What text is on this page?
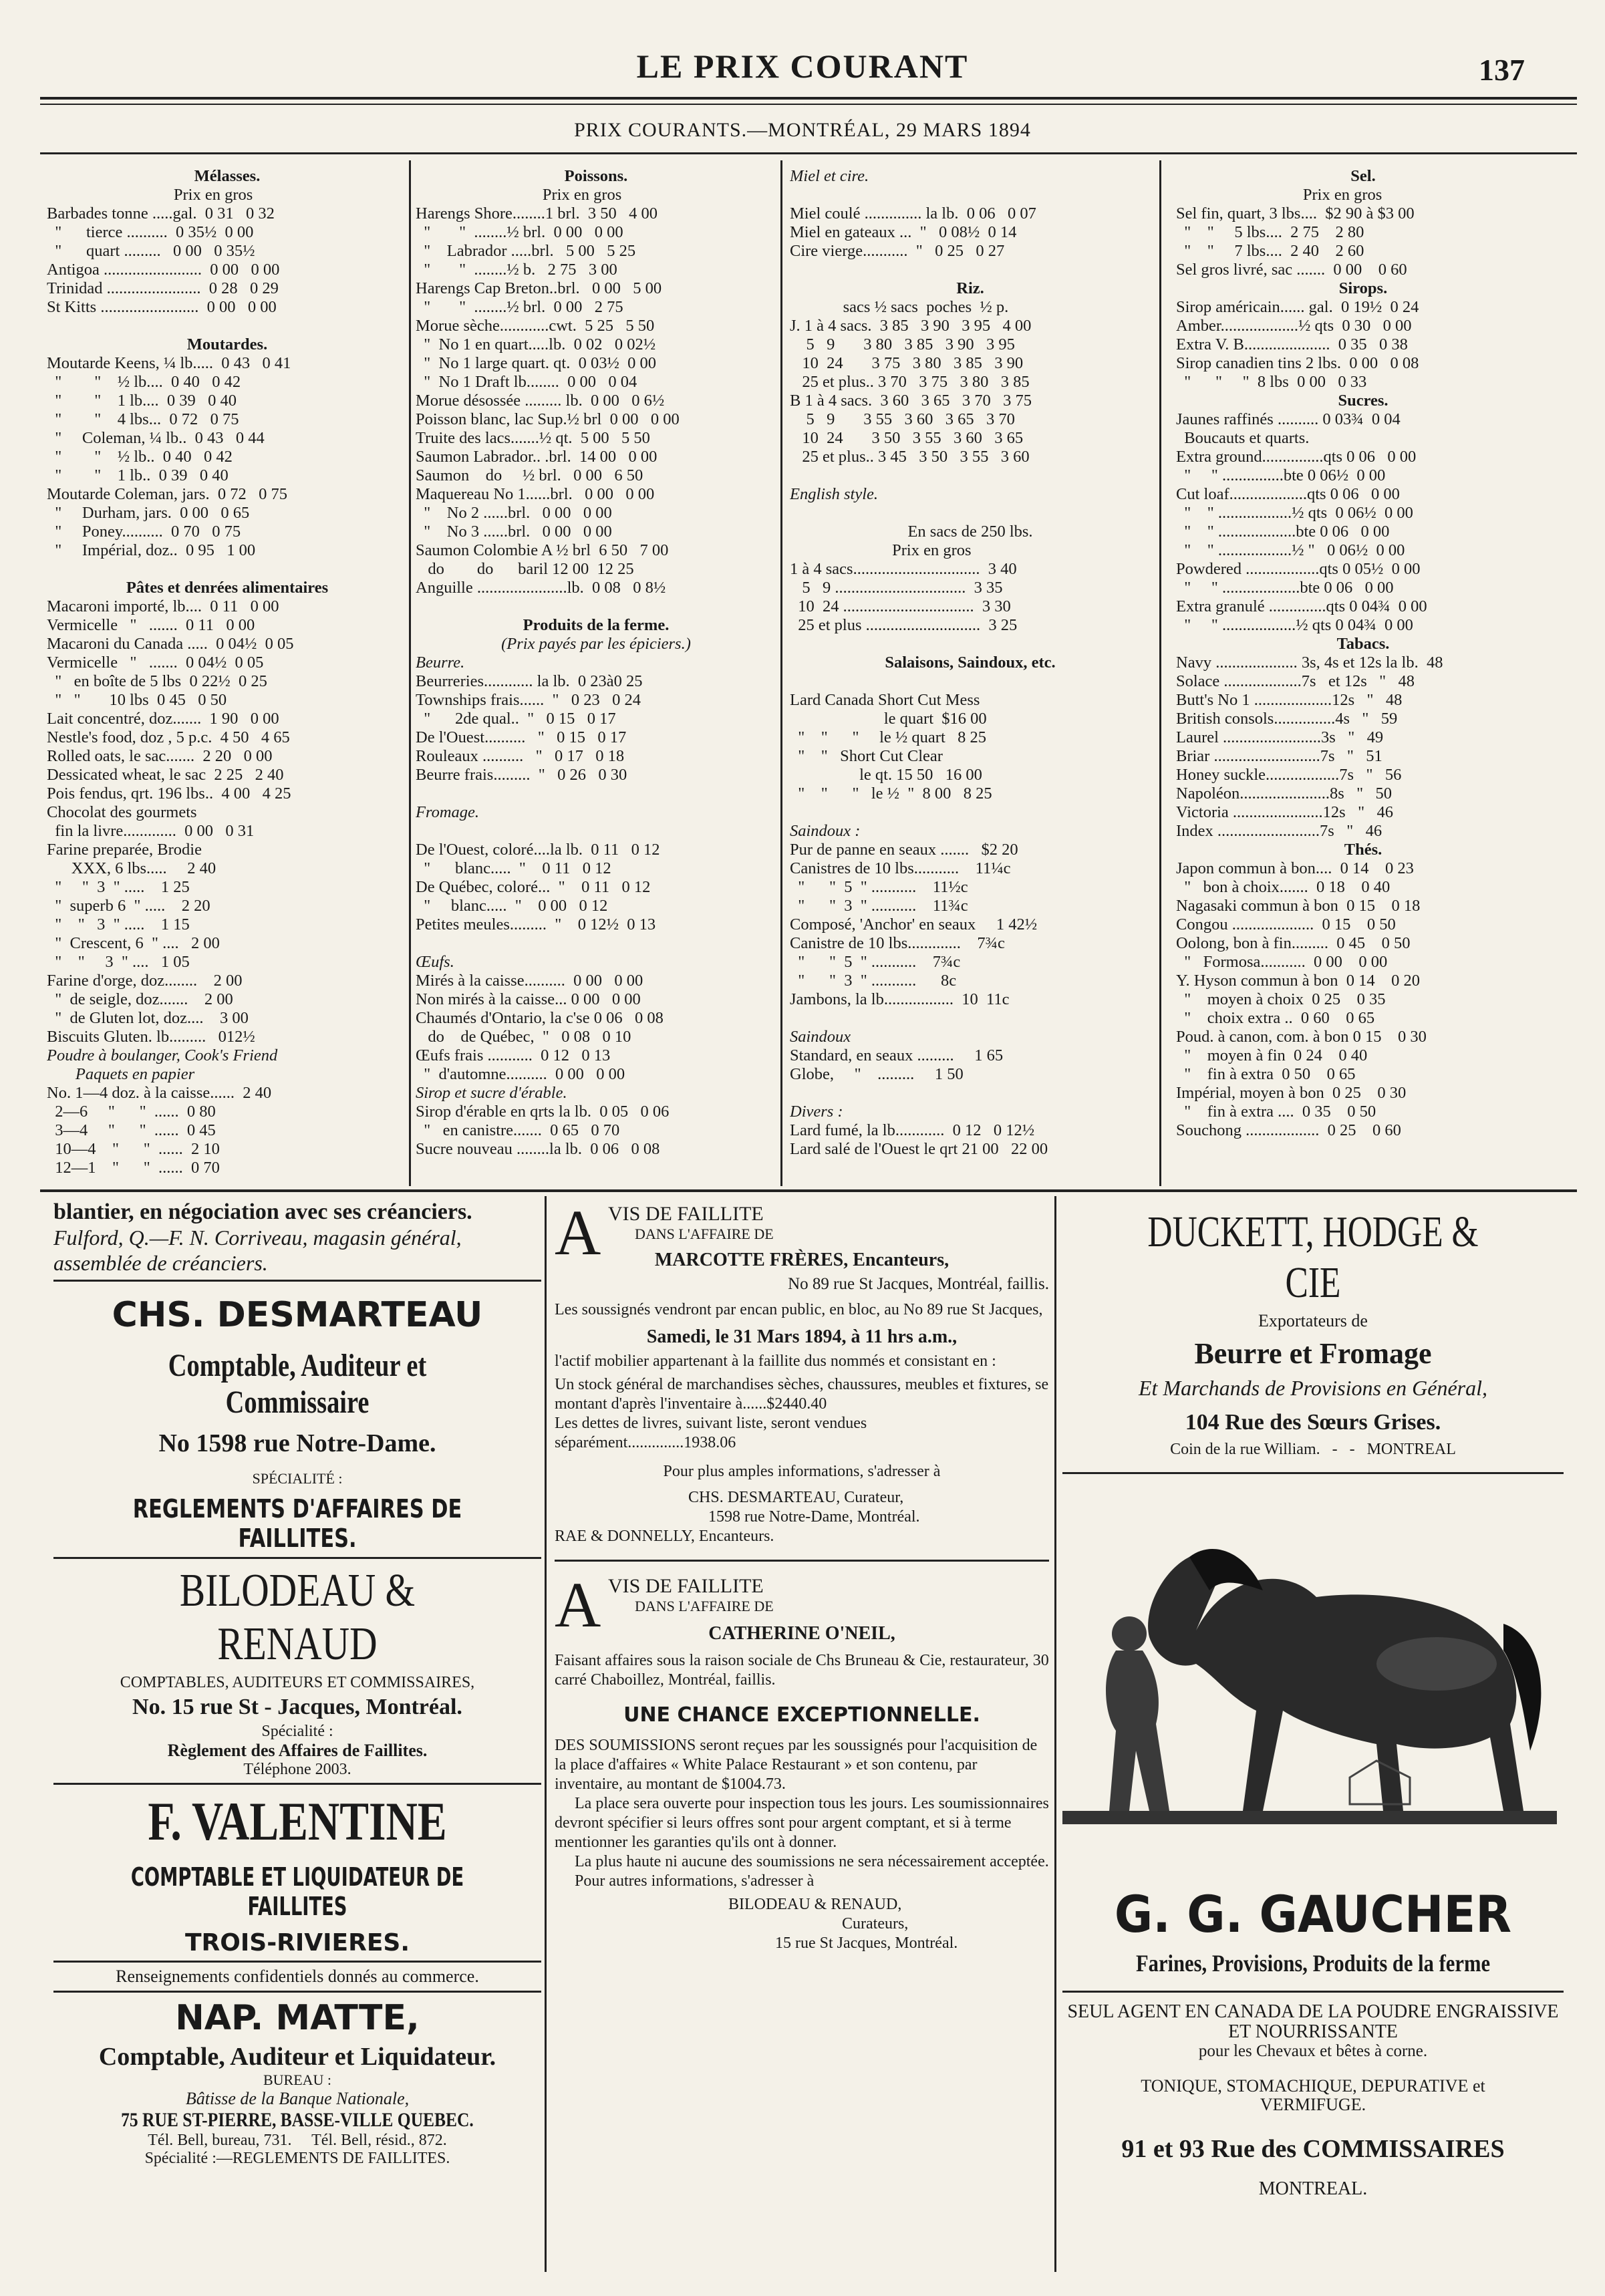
LE PRIX COURANT	137
PRIX COURANTS.—MONTRÉAL, 29 MARS 1894
Mélasses.
Prix en gros
Barbades tonne .....gal.  0 31   0 32
"      tierce ..........  0 35½  0 00
"      quart .........   0 00   0 35½
Antigoa ........................  0 00   0 00
Trinidad .......................  0 28   0 29
St Kitts ........................  0 00   0 00
Moutardes.
Moutarde Keens, ¼ lb.....  0 43   0 41
"        "    ½ lb....  0 40   0 42
"        "    1 lb....  0 39   0 40
"        "    4 lbs...  0 72   0 75
"     Coleman, ¼ lb..  0 43   0 44
"        "    ½ lb..  0 40   0 42
"        "    1 lb..  0 39   0 40
Moutarde Coleman, jars.  0 72   0 75
"     Durham, jars.  0 00   0 65
"     Poney..........  0 70   0 75
"     Impérial, doz..  0 95   1 00
Pâtes et denrées alimentaires
Macaroni importé, lb....  0 11   0 00
Vermicelle   "   .......  0 11   0 00
Macaroni du Canada .....  0 04½  0 05
Vermicelle   "   .......  0 04½  0 05
"   en boîte de 5 lbs  0 22½  0 25
"   "       10 lbs  0 45   0 50
Lait concentré, doz.......  1 90   0 00
Nestle's food, doz , 5 p.c.  4 50   4 65
Rolled oats, le sac.......  2 20   0 00
Dessicated wheat, le sac  2 25   2 40
Pois fendus, qrt. 196 lbs..  4 00   4 25
Chocolat des gourmets
fin la livre.............  0 00   0 31
Farine preparée, Brodie
XXX, 6 lbs.....     2 40
"     "  3  " .....    1 25
"  superb 6  " .....    2 20
"    "   3  " .....    1 15
"  Crescent, 6  " ....   2 00
"    "     3  " ....   1 05
Farine d'orge, doz........    2 00
"  de seigle, doz.......    2 00
"  de Gluten lot, doz....    3 00
Biscuits Gluten. lb.........   012½
Poudre à boulanger, Cook's Friend
Paquets en papier
No. 1—4 doz. à la caisse......  2 40
2—6     "      "  ......  0 80
3—4     "      "  ......  0 45
10—4    "      "  ......  2 10
12—1    "      "  ......  0 70
Poissons.
Prix en gros
Harengs Shore........1 brl.  3 50   4 00
"       "  ........½ brl.  0 00   0 00
"    Labrador .....brl.   5 00   5 25
"       "  ........½ b.   2 75   3 00
Harengs Cap Breton..brl.   0 00   5 00
"       "  ........½ brl.  0 00   2 75
Morue sèche............cwt.  5 25   5 50
"  No 1 en quart.....lb.  0 02   0 02½
"  No 1 large quart. qt.  0 03½  0 00
"  No 1 Draft lb........  0 00   0 04
Morue désossée ......... lb.  0 00   0 6½
Poisson blanc, lac Sup.½ brl  0 00   0 00
Truite des lacs.......½ qt.  5 00   5 50
Saumon Labrador.. .brl.  14 00   0 00
Saumon    do     ½ brl.   0 00   6 50
Maquereau No 1......brl.   0 00   0 00
"    No 2 ......brl.   0 00   0 00
"    No 3 ......brl.   0 00   0 00
Saumon Colombie A ½ brl  6 50   7 00
do        do      baril 12 00  12 25
Anguille ......................lb.  0 08   0 8½
Produits de la ferme.
(Prix payés par les épiciers.)
Beurre.
Beurreries............ la lb.  0 23à0 25
Townships frais......  "   0 23   0 24
"      2de qual..  "   0 15   0 17
De l'Ouest..........   "   0 15   0 17
Rouleaux ..........   "   0 17   0 18
Beurre frais.........  "   0 26   0 30
Fromage.
De l'Ouest, coloré....la lb.  0 11   0 12
"      blanc.....  "    0 11   0 12
De Québec, coloré...  "    0 11   0 12
"     blanc.....  "    0 00   0 12
Petites meules.........  "    0 12½  0 13
Œufs.
Mirés à la caisse..........  0 00   0 00
Non mirés à la caisse... 0 00   0 00
Chaumés d'Ontario, la c'se 0 06   0 08
do    de Québec,  "   0 08   0 10
Œufs frais ...........  0 12   0 13
"  d'automne..........  0 00   0 00
Sirop et sucre d'érable.
Sirop d'érable en qrts la lb.  0 05   0 06
"   en canistre.......  0 65   0 70
Sucre nouveau ........la lb.  0 06   0 08
Miel et cire.
Miel coulé .............. la lb.  0 06   0 07
Miel en gateaux ...  "   0 08½  0 14
Cire vierge...........  "   0 25   0 27
Riz.
sacs ½ sacs  poches  ½ p.
J. 1 à 4 sacs.  3 85   3 90   3 95   4 00
5   9       3 80   3 85   3 90   3 95
10  24       3 75   3 80   3 85   3 90
25 et plus.. 3 70   3 75   3 80   3 85
B 1 à 4 sacs.  3 60   3 65   3 70   3 75
5   9       3 55   3 60   3 65   3 70
10  24       3 50   3 55   3 60   3 65
25 et plus.. 3 45   3 50   3 55   3 60
English style.
En sacs de 250 lbs.
Prix en gros
1 à 4 sacs...............................  3 40
5   9 ................................  3 35
10  24 ................................  3 30
25 et plus ............................  3 25
Salaisons, Saindoux, etc.
Lard Canada Short Cut Mess
le quart  $16 00
"    "      "     le ½ quart   8 25
"    "   Short Cut Clear
le qt. 15 50   16 00
"    "      "   le ½  "  8 00   8 25
Saindoux :
Pur de panne en seaux .......   $2 20
Canistres de 10 lbs...........    11¼c
"      "  5  " ...........    11½c
"      "  3  " ...........    11¾c
Composé, 'Anchor' en seaux     1 42½
Canistre de 10 lbs.............    7¾c
"      "  5  " ...........    7¾c
"      "  3  " ...........      8c
Jambons, la lb.................  10  11c
Saindoux
Standard, en seaux .........     1 65
Globe,     "    .........     1 50
Divers :
Lard fumé, la lb............  0 12   0 12½
Lard salé de l'Ouest le qrt 21 00   22 00
Sel.
Prix en gros
Sel fin, quart, 3 lbs....  $2 90 à $3 00
"    "     5 lbs....  2 75    2 80
"    "     7 lbs....  2 40    2 60
Sel gros livré, sac .......  0 00    0 60
Sirops.
Sirop américain...... gal.  0 19½  0 24
Amber...................½ qts  0 30   0 00
Extra V. B.....................  0 35   0 38
Sirop canadien tins 2 lbs.  0 00   0 08
"      "     "  8 lbs  0 00   0 33
Sucres.
Jaunes raffinés .......... 0 03¾  0 04
Boucauts et quarts.
Extra ground...............qts 0 06   0 00
"     " ...............bte 0 06½  0 00
Cut loaf...................qts 0 06   0 00
"    " ..................½ qts  0 06½  0 00
"    " ...................bte 0 06   0 00
"    " ..................½ "   0 06½  0 00
Powdered ..................qts 0 05½  0 00
"     " ...................bte 0 06   0 00
Extra granulé ..............qts 0 04¾  0 00
"     " ..................½ qts 0 04¾  0 00
Tabacs.
Navy .................... 3s, 4s et 12s la lb.  48
Solace ...................7s   et 12s   "   48
Butt's No 1 ...................12s   "   48
British consols...............4s   "   59
Laurel ........................3s   "   49
Briar ..........................7s   "   51
Honey suckle..................7s   "   56
Napoléon......................8s   "   50
Victoria ......................12s   "   46
Index .........................7s   "   46
Thés.
Japon commun à bon....  0 14    0 23
"   bon à choix.......  0 18    0 40
Nagasaki commun à bon  0 15    0 18
Congou ....................  0 15    0 50
Oolong, bon à fin.........  0 45    0 50
"   Formosa...........  0 00    0 00
Y. Hyson commun à bon  0 14    0 20
"    moyen à choix  0 25    0 35
"    choix extra ..  0 60    0 65
Poud. à canon, com. à bon 0 15    0 30
"    moyen à fin  0 24    0 40
"    fin à extra  0 50    0 65
Impérial, moyen à bon  0 25    0 30
"    fin à extra ....  0 35    0 50
Souchong ..................  0 25    0 60
blantier, en négociation avec ses créanciers.
Fulford, Q.—F. N. Corriveau, magasin général, assemblée de créanciers.
CHS. DESMARTEAU
Comptable, Auditeur et Commissaire
No 1598 rue Notre-Dame.
SPÉCIALITÉ :
REGLEMENTS D'AFFAIRES DE FAILLITES.
BILODEAU & RENAUD
COMPTABLES, AUDITEURS ET COMMISSAIRES,
No. 15 rue St - Jacques, Montréal.
Spécialité :
Règlement des Affaires de Faillites.
Téléphone 2003.
F. VALENTINE
COMPTABLE ET LIQUIDATEUR DE FAILLITES
TROIS-RIVIERES.
Renseignements confidentiels donnés au commerce.
NAP. MATTE,
Comptable, Auditeur et Liquidateur.
BUREAU :
Bâtisse de la Banque Nationale,
75 RUE ST-PIERRE, BASSE-VILLE QUEBEC.
Tél. Bell, bureau, 731.     Tél. Bell, résid., 872.
Spécialité :—REGLEMENTS DE FAILLITES.
A VIS DE FAILLITE
DANS L'AFFAIRE DE
MARCOTTE FRÈRES, Encanteurs,
No 89 rue St Jacques, Montréal, faillis.
Les soussignés vendront par encan public, en bloc, au No 89 rue St Jacques,
Samedi, le 31 Mars 1894, à 11 hrs a.m.,
l'actif mobilier appartenant à la faillite dus nommés et consistant en :
Un stock général de marchandises sèches, chaussures, meubles et fixtures, se montant d'après l'inventaire à......$2440.40
Les dettes de livres, suivant liste, seront vendues séparément..............1938.06
Pour plus amples informations, s'adresser à
CHS. DESMARTEAU, Curateur,
1598 rue Notre-Dame, Montréal.
RAE & DONNELLY, Encanteurs.
A VIS DE FAILLITE
DANS L'AFFAIRE DE
CATHERINE O'NEIL,
Faisant affaires sous la raison sociale de Chs Bruneau & Cie, restaurateur, 30 carré Chaboillez, Montréal, faillis.
UNE CHANCE EXCEPTIONNELLE.
DES SOUMISSIONS seront reçues par les soussignés pour l'acquisition de la place d'affaires « White Palace Restaurant » et son contenu, par inventaire, au montant de $1004.73.
La place sera ouverte pour inspection tous les jours. Les soumissionnaires devront spécifier si leurs offres sont pour argent comptant, et si à terme mentionner les garanties qu'ils ont à donner.
La plus haute ni aucune des soumissions ne sera nécessairement acceptée.
Pour autres informations, s'adresser à
BILODEAU & RENAUD,
Curateurs,
15 rue St Jacques, Montréal.
DUCKETT, HODGE & CIE
Exportateurs de
Beurre et Fromage
Et Marchands de Provisions en Général,
104 Rue des Sœurs Grises.
Coin de la rue William.   -   -   MONTREAL
G. G. GAUCHER
Farines, Provisions, Produits de la ferme
SEUL AGENT EN CANADA DE LA POUDRE ENGRAISSIVE ET NOURRISSANTE
pour les Chevaux et bêtes à corne.
TONIQUE, STOMACHIQUE, DEPURATIVE et VERMIFUGE.
91 et 93 Rue des COMMISSAIRES
MONTREAL.
